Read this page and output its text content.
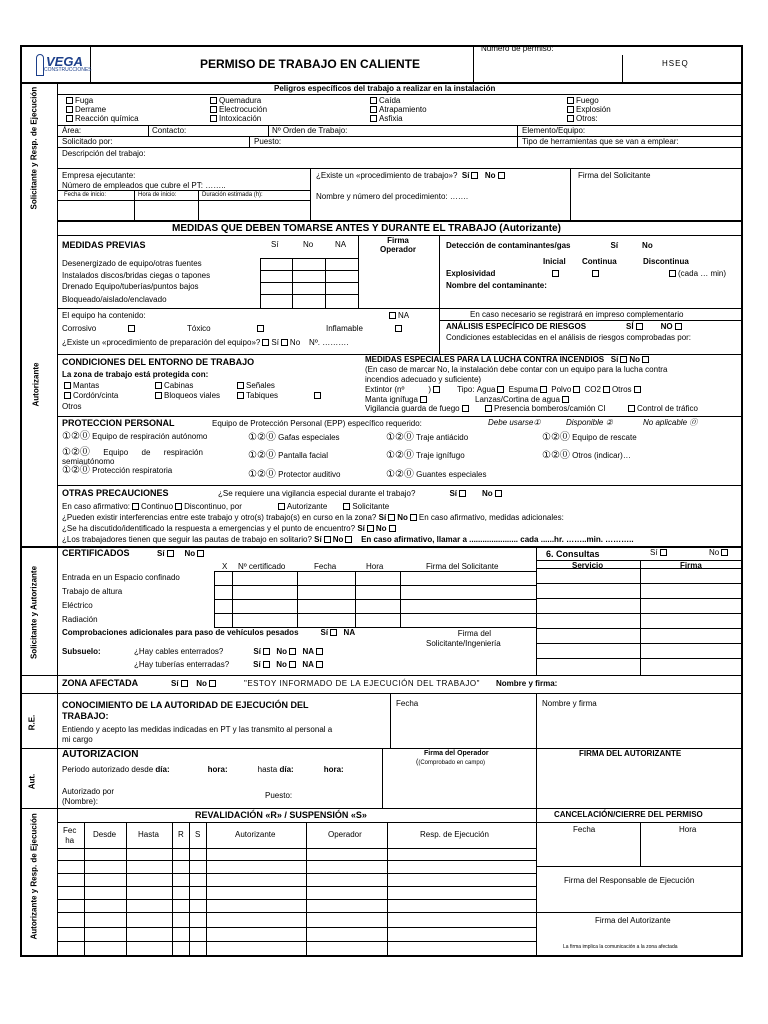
VEGA
CONSTRUCCIONES	PERMISO DE TRABAJO EN CALIENTE
Número de permiso:
HSEQ
Solicitante y Resp. de Ejecución
Autorizante
Solicitante y Autorizante
R.E.
Aut.
Autorizante y Resp. de Ejecución
Peligros específicos del trabajo a realizar en la instalación
Fuga
Derrame
Reacción química
Quemadura
Electrocución
Intoxicación
Caída
Atrapamiento
Asfixia
Fuego
Explosión
Otros:
Área:	Contacto:	Nº Orden de Trabajo:	Elemento/Equipo:
Solicitado por:	Puesto:	Tipo de herramientas que se van a emplear:
Descripción del trabajo:
Empresa ejecutante:
Número de empleados que cubre el PT: ……..
Fecha de inicio:	Hora de inicio:	Duración estimada (h):
¿Existe un «procedimiento de trabajo»? Sí No
Nombre y número del procedimiento: …….
Firma del Solicitante
MEDIDAS QUE DEBEN TOMARSE ANTES Y DURANTE EL TRABAJO (Autorizante)
MEDIDAS PREVIAS	Sí	No	NA	Firma Operador
Desenergizado de equipo/otras fuentes
Instalados discos/bridas ciegas o tapones
Drenado Equipo/tuberías/puntos bajos
Bloqueado/aislado/enclavado
El equipo ha contenido:	NA
Corrosivo	Tóxico	Inflamable
¿Existe un «procedimiento de preparación del equipo»? Sí No Nº. ……….
Detección de contaminantes/gas	Sí	No
Inicial Continua	Discontinua
Explosividad	(cada … min)
Nombre del contaminante:
En caso necesario se registrará en impreso complementario
ANÁLISIS ESPECÍFICO DE RIESGOS	SÍ	NO
Condiciones establecidas en el análisis de riesgos comprobadas por:
CONDICIONES DEL ENTORNO DE TRABAJO
La zona de trabajo está protegida con:
Mantas	Cabinas	Señales
Cordón/cinta	Bloqueos viales	Tabiques
Otros
MEDIDAS ESPECIALES PARA LA LUCHA CONTRA INCENDIOS Sí No
(En caso de marcar No, la instalación debe contar con un equipo para la lucha contra
incendios adecuado y suficiente)
Extintor (nº	)	Tipo: Agua Espuma Polvo CO2 Otros
Manta ignífuga	Lanzas/Cortina de agua
Vigilancia guarda de fuego	Presencia bomberos/camión CI	Control de tráfico
PROTECCION PERSONAL	Equipo de Protección Personal (EPP) específico requerido:	Debe usarse①	Disponible ②	No aplicable ⓪
①②⓪ Equipo de respiración autónomo	①②⓪ Gafas especiales	①②⓪ Traje antiácido	①②⓪ Equipo de rescate
①②⓪ Equipo de respiración
semiautónomo
①②⓪ Pantalla facial	①②⓪ Traje ignífugo	①②⓪ Otros (indicar)…
①②⓪ Protección respiratoria	①②⓪ Protector auditivo	①②⓪ Guantes especiales
OTRAS PRECAUCIONES	¿Se requiere una vigilancia especial durante el trabajo?	Sí	No
En caso afirmativo: Continuo Discontinuo, por	Autorizante	Solicitante
¿Pueden existir interferencias entre este trabajo y otro(s) trabajo(s) en curso en la zona? Sí No En caso afirmativo, medidas adicionales:
¿Se ha discutido/identificado la respuesta a emergencias y el punto de encuentro? Sí No
¿Los trabajadores tienen que seguir las pautas de trabajo en solitario? Sí No En caso afirmativo, llamar a ...................... cada ......hr. ……..min. ………..
CERTIFICADOS	Sí No	6. Consultas	Sí	No
Servicio	Firma
X Nº certificado	Fecha	Hora	Firma del Solicitante
Entrada en un Espacio confinado
Trabajo de altura
Eléctrico
Radiación
Comprobaciones adicionales para paso de vehículos pesados	Sí NA	Firma del
Solicitante/Ingeniería
Subsuelo:	¿Hay cables enterrados?	Sí No NA
¿Hay tuberías enterradas?	Sí No NA
ZONA AFECTADA	Sí No	"ESTOY INFORMADO DE LA EJECUCIÓN DEL TRABAJO" Nombre y firma:
CONOCIMIENTO DE LA AUTORIDAD DE EJECUCIÓN DEL
TRABAJO:
Entiendo y acepto las medidas indicadas en PT y las transmito al personal a
mi cargo
Fecha	Nombre y firma
AUTORIZACION
Periodo autorizado desde día:	hora:	hasta día:	hora:
Autorizado por
(Nombre):
Puesto:
Firma del Operador
((Comprobado en campo)
FIRMA DEL AUTORIZANTE
REVALIDACIÓN «R» / SUSPENSIÓN «S»
Fec
ha
Desde	Hasta R S	Autorizante	Operador	Resp. de Ejecución
CANCELACIÓN/CIERRE DEL PERMISO
Fecha	Hora
Firma del Responsable de Ejecución
Firma del Autorizante
La firma implica la comunicación a la zona afectada
